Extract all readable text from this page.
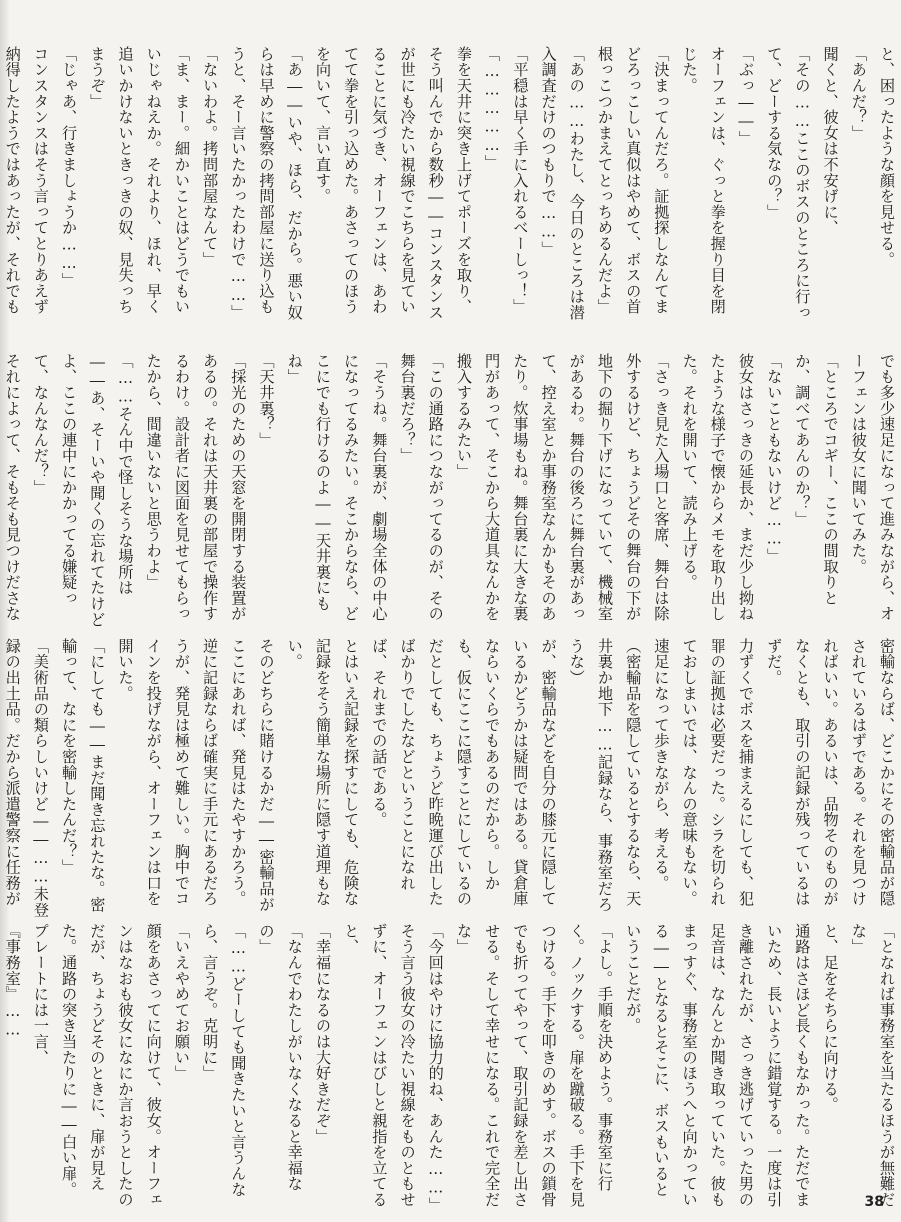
と、困ったような顔を見せる。

「あんだ？」

聞くと、彼女は不安げに、

「その……ここのボスのところに行って、どーする気なの？」

「ぶっ――」

オーフェンは、ぐっと拳を握り目を閉じた。

「決まってんだろ。証拠探しなんてまどろっこしい真似はやめて、ボスの首根っこつかまえてとっちめるんだよ」

「あの……わたし、今日のところは潜入調査だけのつもりで……」

「平穏は早く手に入れるべーしっ！」

「……………」

拳を天井に突き上げてポーズを取り、そう叫んでから数秒――コンスタンスが世にも冷たい視線でこちらを見ていることに気づき、オーフェンは、あわてて拳を引っ込めた。あさってのほうを向いて、言い直す。

「あ――いや、ほら、だから。悪い奴らは早めに警察の拷問部屋に送り込もうと、そー言いたかったわけで……」

「ないわよ。拷問部屋なんて」

「ま、まー。細かいことはどうでもいいじゃねえか。それより、ほれ、早く追いかけないときっきの奴、見失っちまうぞ」

「じゃあ、行きましょうか……」

コンスタンスはそう言ってとりあえず納得したようではあったが、それでも

でも多少速足になって進みながら、オーフェンは彼女に聞いてみた。

「ところでコギー、ここの間取りとか、調べてあんのか？」

「ないこともないけど……」

彼女はさっきの延長か、まだ少し拗ねたような様子で懐からメモを取り出した。それを開いて、読み上げる。

「さっき見た入場口と客席、舞台は除外するけど、ちょうどその舞台の下が地下の掘り下げになっていて、機械室があるわ。舞台の後ろに舞台裏があって、控え室とか事務室なんかもそのあたり。炊事場もね。舞台裏に大きな裏門があって、そこから大道具なんかを搬入するみたい」

「この通路につながってるのが、その舞台裏だろ？」

「そうね。舞台裏が、劇場全体の中心になってるみたい。そこからなら、どこにでも行けるのよ――天井裏にもね」

「天井裏？」

「採光のための天窓を開閉する装置があるの。それは天井裏の部屋で操作するわけ。設計者に図面を見せてもらったから、間違いないと思うわよ」

「……そん中で怪しそうな場所は――あ、そーいや聞くの忘れてたけどよ、ここの連中にかかってる嫌疑って、なんなんだ？」

それによって、そもそも見つけださな

密輸ならば、どこかにその密輸品が隠されているはずである。それを見つければいい。あるいは、品物そのものがなくとも、取引の記録が残っているはずだ。

力ずくでボスを捕まえるにしても、犯罪の証拠は必要だった。シラを切られておしまいでは、なんの意味もない。

速足になって歩きながら、考える。

（密輸品を隠しているとするなら、天井裏か地下……記録なら、事務室だろうな）

が、密輸品などを自分の膝元に隠しているかどうかは疑問ではある。貸倉庫ならいくらでもあるのだから。しかも、仮にここに隠すことにしているのだとしても、ちょうど昨晩運び出したばかりでしたなどということになれば、それまでの話である。

とはいえ記録を探すにしても、危険な記録をそう簡単な場所に隠す道理もない。

そのどちらに賭けるかだ――密輸品がここにあれば、発見はたやすかろう。逆に記録ならば確実に手元にあるだろうが、発見は極めて難しい。胸中でコインを投げながら、オーフェンは口を開いた。

「にしても――まだ聞き忘れたな。密輸って、なにを密輸したんだ？」

「美術品の類らしいけど――……未登録の出土品。だから派遣警察に任務が

「となれば事務室を当たるほうが無難だな」

と、足をそちらに向ける。

通路はさほど長くもなかった。ただでまいため、長いように錯覚する。一度は引き離されたが、さっき逃げていった男の足音は、なんとか聞き取っていた。彼もまっすぐ、事務室のほうへと向かっている――となるとそこに、ボスもいるということだが。

「よし。手順を決めよう。事務室に行く。ノックする。扉を蹴破る。手下を見つける。手下を叩きのめす。ボスの鎖骨でも折ってやって、取引記録を差し出させる。そして幸せになる。これで完全だな」

「今回はやけに協力的ね、あんた……」

そう言う彼女の冷たい視線をものともせずに、オーフェンはびしと親指を立てると、

「幸福になるのは大好きだぞ」

「なんでわたしがいなくなると幸福なの」

「……どーしても聞きたいと言うんなら、言うぞ。克明に」

「いえやめてお願い」

顔をあさってに向けて、彼女。オーフェンはなおも彼女になにか言おうとしたのだが、ちょうどそのときに、扉が見えた。通路の突き当たりに――白い扉。プレートには一言、

『事務室』……

38
